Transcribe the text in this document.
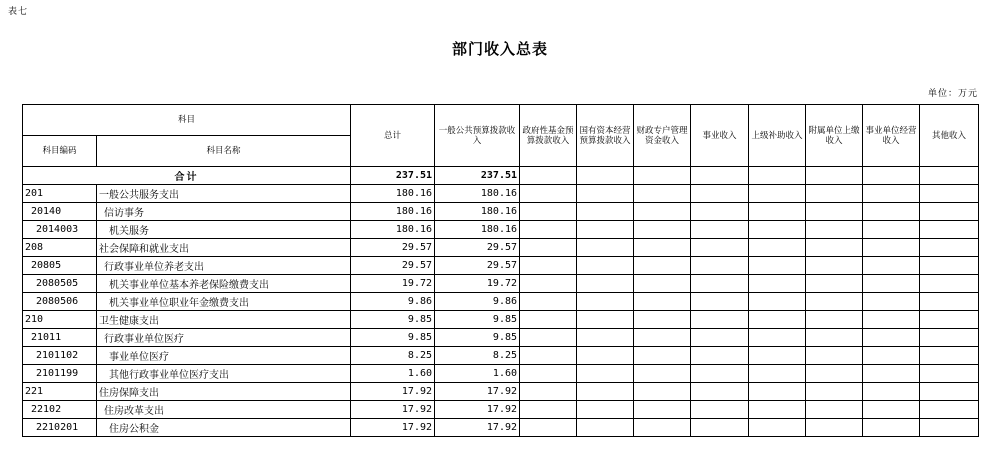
表七
部门收入总表
单位：万元
科目		总计	一般公共预算拨款收入	政府性基金预算拨款收入	国有资本经营预算拨款收入	财政专户管理资金收入	事业收入	上级补助收入	附属单位上缴收入	事业单位经营收入	其他收入
科目编码	科目名称										
合计		237.51	237.51								
201	一般公共服务支出	180.16	180.16								
20140	信访事务	180.16	180.16								
2014003	机关服务	180.16	180.16								
208	社会保障和就业支出	29.57	29.57								
20805	行政事业单位养老支出	29.57	29.57								
2080505	机关事业单位基本养老保险缴费支出	19.72	19.72								
2080506	机关事业单位职业年金缴费支出	9.86	9.86								
210	卫生健康支出	9.85	9.85								
21011	行政事业单位医疗	9.85	9.85								
2101102	事业单位医疗	8.25	8.25								
2101199	其他行政事业单位医疗支出	1.60	1.60								
221	住房保障支出	17.92	17.92								
22102	住房改革支出	17.92	17.92								
2210201	住房公积金	17.92	17.92								
